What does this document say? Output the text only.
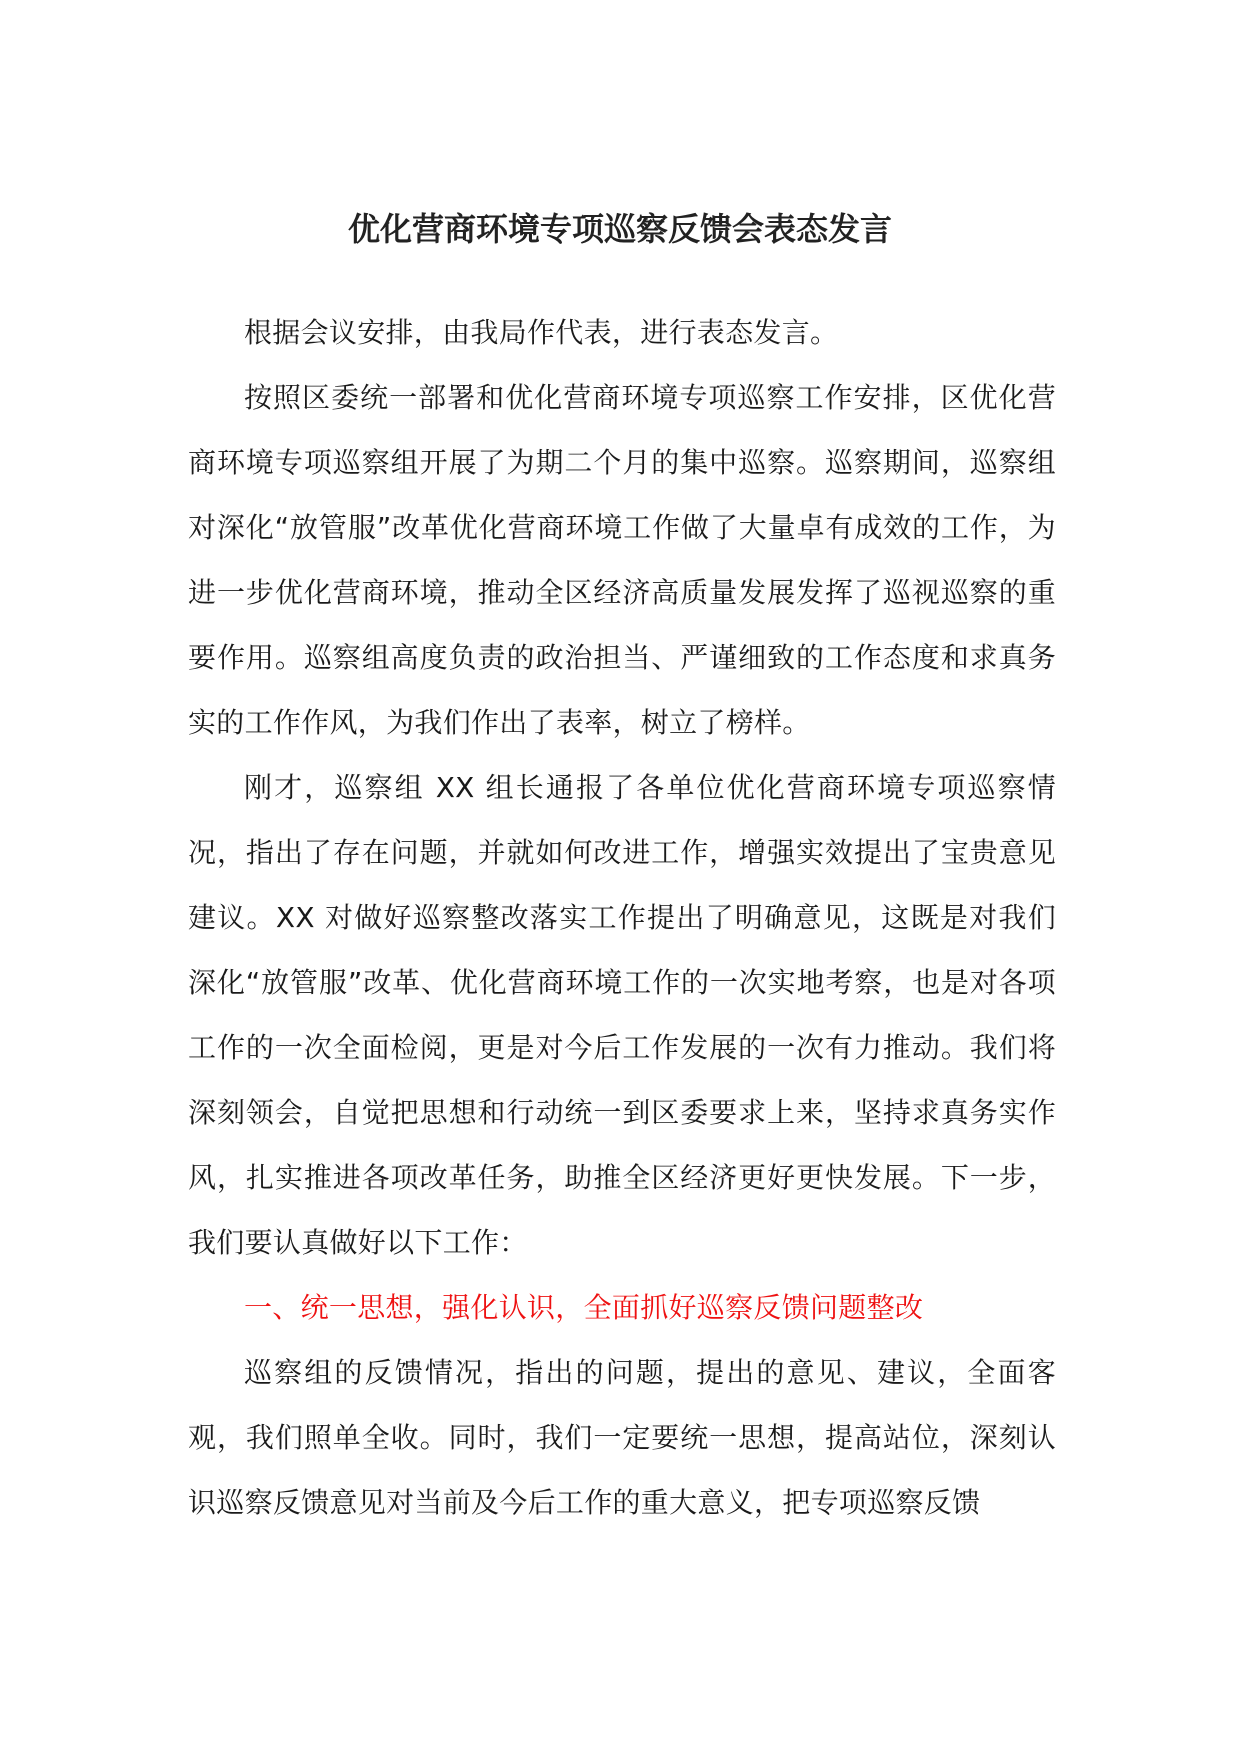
优化营商环境专项巡察反馈会表态发言

根据会议安排，由我局作代表，进行表态发言。

按照区委统一部署和优化营商环境专项巡察工作安排，区优化营商环境专项巡察组开展了为期二个月的集中巡察。巡察期间，巡察组对深化“放管服”改革优化营商环境工作做了大量卓有成效的工作，为进一步优化营商环境，推动全区经济高质量发展发挥了巡视巡察的重要作用。巡察组高度负责的政治担当、严谨细致的工作态度和求真务实的工作作风，为我们作出了表率，树立了榜样。

刚才，巡察组 XX 组长通报了各单位优化营商环境专项巡察情况，指出了存在问题，并就如何改进工作，增强实效提出了宝贵意见建议。XX 对做好巡察整改落实工作提出了明确意见，这既是对我们深化“放管服”改革、优化营商环境工作的一次实地考察，也是对各项工作的一次全面检阅，更是对今后工作发展的一次有力推动。我们将深刻领会，自觉把思想和行动统一到区委要求上来，坚持求真务实作风，扎实推进各项改革任务，助推全区经济更好更快发展。下一步，我们要认真做好以下工作：

一、统一思想，强化认识，全面抓好巡察反馈问题整改

巡察组的反馈情况，指出的问题，提出的意见、建议，全面客观，我们照单全收。同时，我们一定要统一思想，提高站位，深刻认识巡察反馈意见对当前及今后工作的重大意义，把专项巡察反馈
